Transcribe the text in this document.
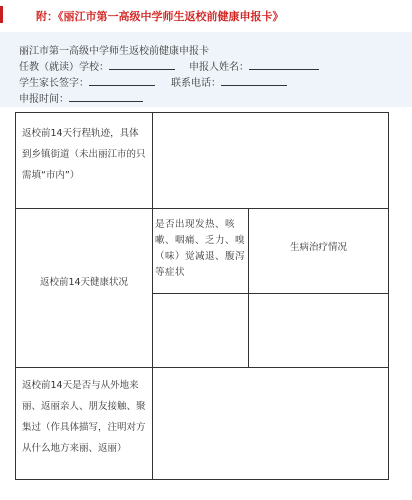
附：《丽江市第一高级中学师生返校前健康申报卡》
丽江市第一高级中学师生返校前健康申报卡
任教（就读）学校：	申报人姓名：
学生家长签字：	联系电话：
申报时间：
返校前14天行程轨迹，具体到乡镇街道（未出丽江市的只需填“市内”）
返校前14天健康状况
是否出现发热、咳嗽、咽痛、乏力、嗅（味）觉减退、腹泻等症状
生病治疗情况
返校前14天是否与从外地来丽、返丽亲人、朋友接触、聚集过（作具体描写，注明对方从什么地方来丽、返丽）
